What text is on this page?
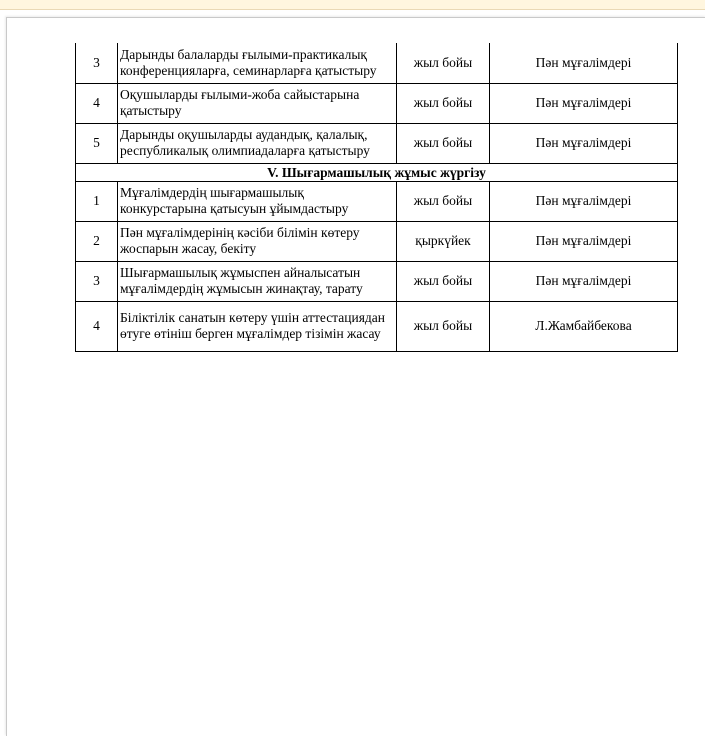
3	Дарынды балаларды ғылыми-практикалық конференцияларға, семинарларға қатыстыру	жыл бойы	Пән мұғалімдері
4	Оқушыларды ғылыми-жоба сайыстарына қатыстыру	жыл бойы	Пән мұғалімдері
5	Дарынды оқушыларды аудандық, қалалық, республикалық олимпиадаларға қатыстыру	жыл бойы	Пән мұғалімдері
V. Шығармашылық жұмыс жүргізу			
1	Мұғалімдердің шығармашылық конкурстарына қатысуын ұйымдастыру	жыл бойы	Пән мұғалімдері
2	Пән мұғалімдерінің кәсіби білімін көтеру жоспарын жасау, бекіту	қыркүйек	Пән мұғалімдері
3	Шығармашылық жұмыспен айналысатын мұғалімдердің жұмысын жинақтау, тарату	жыл бойы	Пән мұғалімдері
4	Біліктілік санатын көтеру үшін аттестациядан өтуге өтініш берген мұғалімдер тізімін жасау	жыл бойы	Л.Жамбайбекова
